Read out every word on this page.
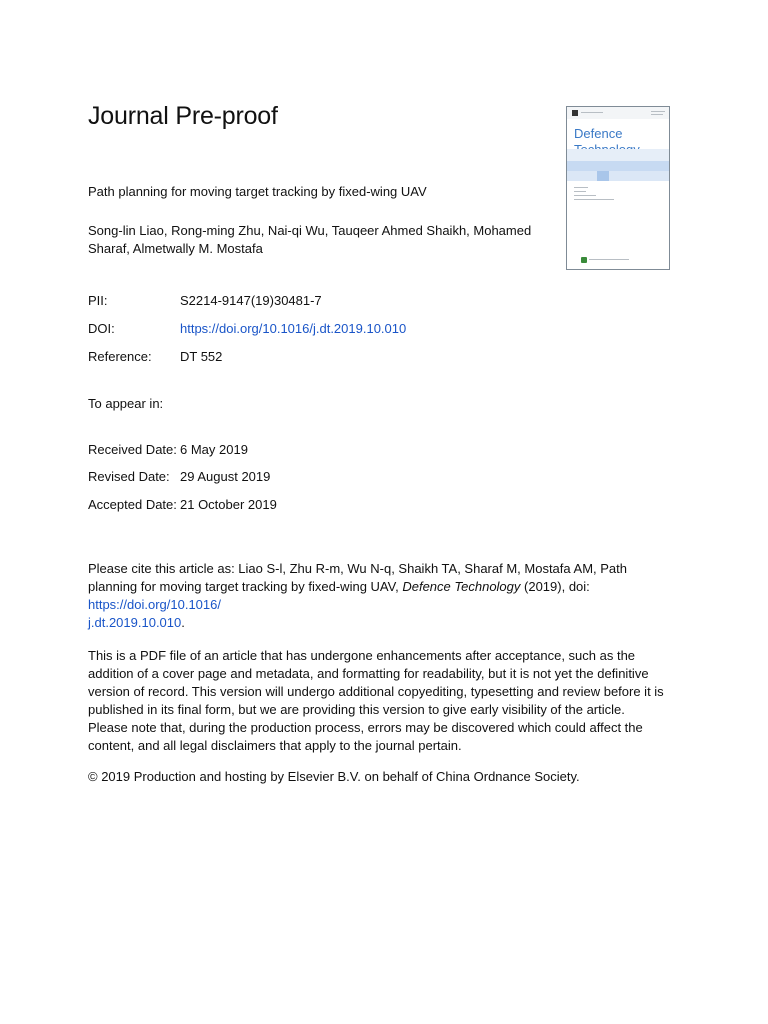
Journal Pre-proof
Defence
Path planning for moving target tracking by fixed-wing UAV
Song-lin Liao, Rong-ming Zhu, Nai-qi Wu, Tauqeer Ahmed Shaikh, Mohamed Sharaf, Almetwally M. Mostafa
PII:	S2214-9147(19)30481-7
DOI:	https://doi.org/10.1016/j.dt.2019.10.010
Reference:	DT 552
To appear in:
Received Date: 6 May 2019
Revised Date: 29 August 2019
Accepted Date: 21 October 2019
Please cite this article as: Liao S-l, Zhu R-m, Wu N-q, Shaikh TA, Sharaf M, Mostafa AM, Path planning for moving target tracking by fixed-wing UAV, Defence Technology (2019), doi: https://doi.org/10.1016/
j.dt.2019.10.010.
This is a PDF file of an article that has undergone enhancements after acceptance, such as the addition of a cover page and metadata, and formatting for readability, but it is not yet the definitive version of record. This version will undergo additional copyediting, typesetting and review before it is published in its final form, but we are providing this version to give early visibility of the article. Please note that, during the production process, errors may be discovered which could affect the content, and all legal disclaimers that apply to the journal pertain.
© 2019 Production and hosting by Elsevier B.V. on behalf of China Ordnance Society.
